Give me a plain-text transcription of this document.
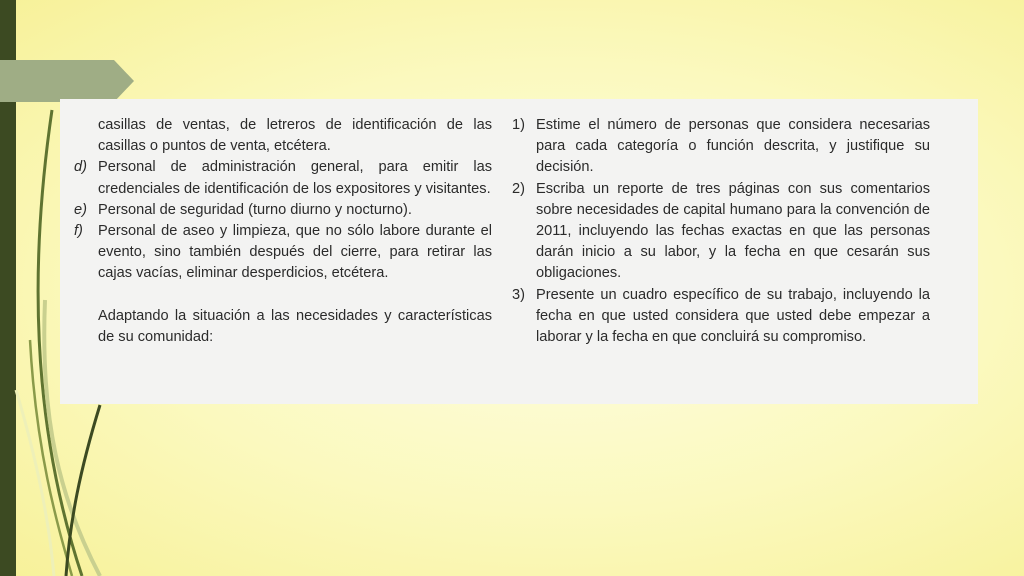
casillas de ventas, de letreros de identificación de las casillas o puntos de venta, etcétera.
d) Personal de administración general, para emitir las credenciales de identificación de los expositores y visitantes.
e) Personal de seguridad (turno diurno y nocturno).
f)	Personal de aseo y limpieza, que no sólo labore durante el evento, sino también después del cierre, para retirar las cajas vacías, eliminar desperdicios, etcétera.
Adaptando la situación a las necesidades y características de su comunidad:
1) Estime el número de personas que considera necesarias para cada categoría o función descrita, y justifique su decisión.
2) Escriba un reporte de tres páginas con sus comentarios sobre necesidades de capital humano para la convención de 2011, incluyendo las fechas exactas en que las personas darán inicio a su labor, y la fecha en que cesarán sus obligaciones.
3) Presente un cuadro específico de su trabajo, incluyendo la fecha en que usted considera que usted debe empezar a laborar y la fecha en que concluirá su compromiso.
